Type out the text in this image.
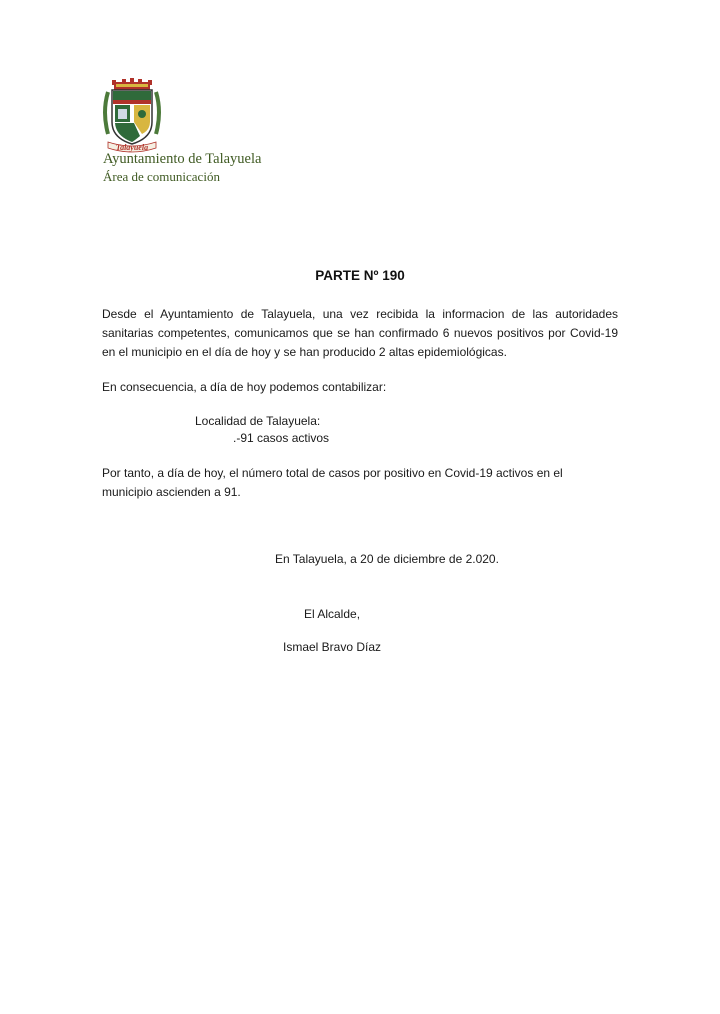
Talayuela
Ayuntamiento de Talayuela
Área de comunicación
PARTE Nº 190
Desde el Ayuntamiento de Talayuela, una vez recibida la informacion de las autoridades
sanitarias competentes, comunicamos que se han confirmado 6 nuevos positivos por Covid-19
en el municipio en el día de hoy y se han producido 2 altas epidemiológicas.
En consecuencia, a día de hoy podemos contabilizar:
Localidad de Talayuela:
.-91 casos activos
Por tanto, a día de hoy, el número total de casos por positivo en Covid-19 activos en el
municipio ascienden a 91.
En Talayuela, a 20 de diciembre de 2.020.
El Alcalde,
Ismael Bravo Díaz
